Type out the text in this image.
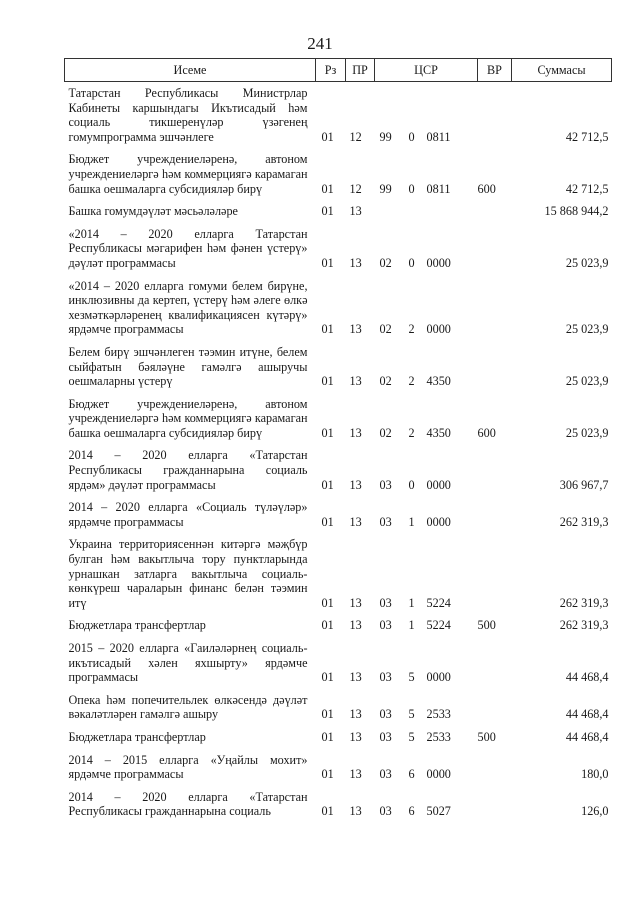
241
Исеме	Рз	ПР	ЦСР			ВР	Суммасы
Татарстан Республикасы Министрлар Кабинеты каршындагы Икътисадый һәм социаль тикшеренүләр үзәгенең гомумпрограмма эшчәнлеге	01	12	99	0	0811		42 712,5
Бюджет учреждениеләренә, автоном учреждениеләргә һәм коммерциягә карамаган башка оешмаларга субсидияләр бирү	01	12	99	0	0811	600	42 712,5
Башка гомумдәүләт мәсьәләләре	01	13					15 868 944,2
«2014 – 2020 елларга Татарстан Республикасы мәгарифен һәм фәнен үстерү» дәүләт программасы	01	13	02	0	0000		25 023,9
«2014 – 2020 елларга гомуми белем бирүне, инклюзивны да кертеп, үстерү һәм әлеге өлкә хезмәткәрләренең квалификациясен күтәрү» ярдәмче программасы	01	13	02	2	0000		25 023,9
Белем бирү эшчәнлеген тәэмин итүне, белем сыйфатын бәяләүне гамәлгә ашыручы оешмаларны үстерү	01	13	02	2	4350		25 023,9
Бюджет учреждениеләренә, автоном учреждениеләргә һәм коммерциягә карамаган башка оешмаларга субсидияләр бирү	01	13	02	2	4350	600	25 023,9
2014 – 2020 елларга «Татарстан Республикасы гражданнарына социаль ярдәм» дәүләт программасы	01	13	03	0	0000		306 967,7
2014 – 2020 елларга «Социаль түләүләр» ярдәмче программасы	01	13	03	1	0000		262 319,3
Украина территориясеннән китәргә мәҗбүр булган һәм вакытлыча тору пунктларында урнашкан затларга вакытлыча социаль-көнкүреш чараларын финанс белән тәэмин итү	01	13	03	1	5224		262 319,3
Бюджетлара трансфертлар	01	13	03	1	5224	500	262 319,3
2015 – 2020 елларга «Гаиләләрнең социаль-икътисадый хәлен яхшырту» ярдәмче программасы	01	13	03	5	0000		44 468,4
Опека һәм попечительлек өлкәсендә дәүләт вәкаләтләрен гамәлгә ашыру	01	13	03	5	2533		44 468,4
Бюджетлара трансфертлар	01	13	03	5	2533	500	44 468,4
2014 – 2015 елларга «Уңайлы мохит» ярдәмче программасы	01	13	03	6	0000		180,0
2014 – 2020 елларга «Татарстан Республикасы гражданнарына социаль	01	13	03	6	5027		126,0
